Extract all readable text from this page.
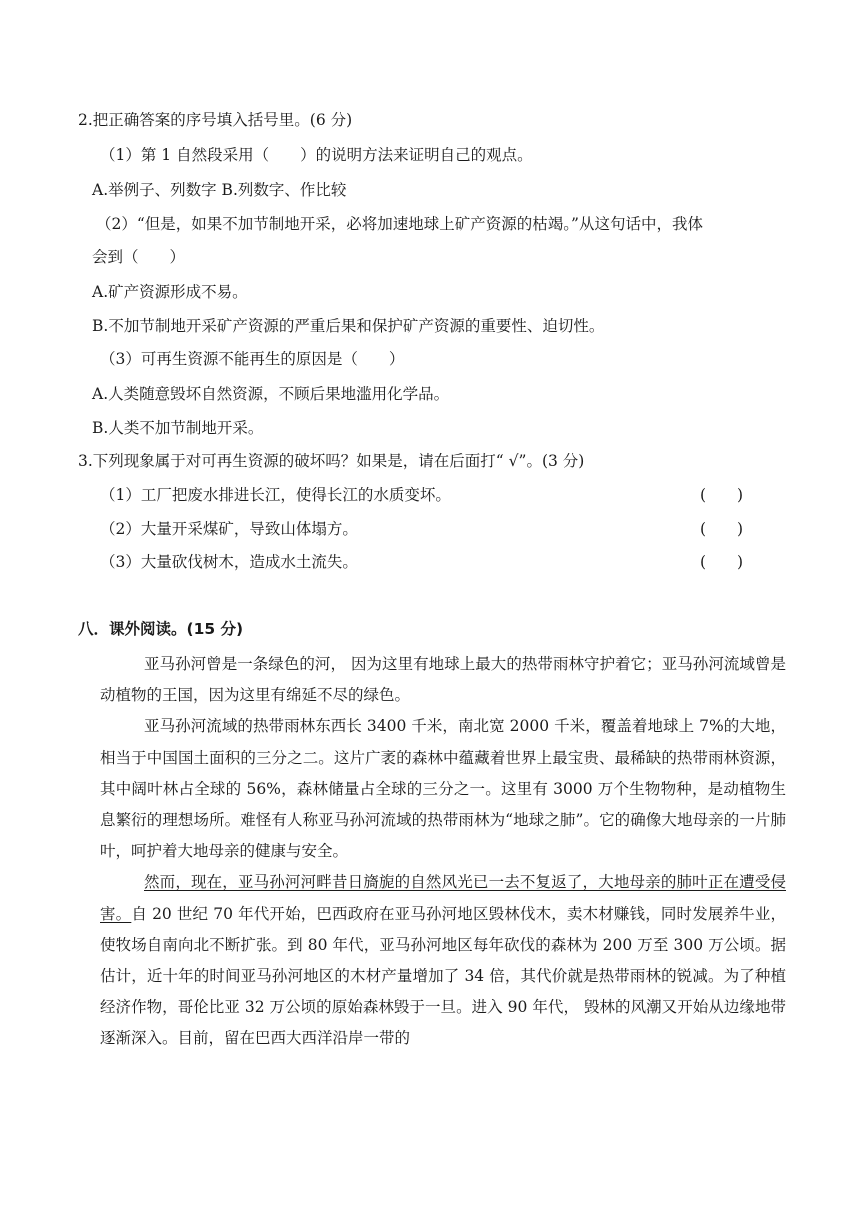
2.把正确答案的序号填入括号里。(6 分)
（1）第 1 自然段采用（　　）的说明方法来证明自己的观点。
A.举例子、列数字 B.列数字、作比较
（2）“但是，如果不加节制地开采，必将加速地球上矿产资源的枯竭。”从这句话中，我体
会到（　　）
A.矿产资源形成不易。
B.不加节制地开采矿产资源的严重后果和保护矿产资源的重要性、迫切性。
（3）可再生资源不能再生的原因是（　　）
A.人类随意毁坏自然资源，不顾后果地滥用化学品。
B.人类不加节制地开采。
3.下列现象属于对可再生资源的破坏吗？如果是，请在后面打“ √”。(3 分)
（1）工厂把废水排进长江，使得长江的水质变坏。	(　　)
（2）大量开采煤矿，导致山体塌方。	(　　)
（3）大量砍伐树木，造成水土流失。	(　　)
八．课外阅读。(15 分)

亚马孙河曾是一条绿色的河， 因为这里有地球上最大的热带雨林守护着它；亚马孙河流域曾是动植物的王国，因为这里有绵延不尽的绿色。

亚马孙河流域的热带雨林东西长 3400 千米，南北宽 2000 千米，覆盖着地球上 7%的大地，相当于中国国土面积的三分之二。这片广袤的森林中蕴藏着世界上最宝贵、最稀缺的热带雨林资源，其中阔叶林占全球的 56%，森林储量占全球的三分之一。这里有 3000 万个生物物种，是动植物生息繁衍的理想场所。难怪有人称亚马孙河流域的热带雨林为“地球之肺”。它的确像大地母亲的一片肺叶，呵护着大地母亲的健康与安全。

然而，现在，亚马孙河河畔昔日旖旎的自然风光已一去不复返了，大地母亲的肺叶正在遭受侵害。自 20 世纪 70 年代开始，巴西政府在亚马孙河地区毁林伐木，卖木材赚钱，同时发展养牛业，使牧场自南向北不断扩张。到 80 年代，亚马孙河地区每年砍伐的森林为 200 万至 300 万公顷。据估计，近十年的时间亚马孙河地区的木材产量增加了 34 倍，其代价就是热带雨林的锐减。为了种植经济作物，哥伦比亚 32 万公顷的原始森林毁于一旦。进入 90 年代， 毁林的风潮又开始从边缘地带逐渐深入。目前，留在巴西大西洋沿岸一带的
